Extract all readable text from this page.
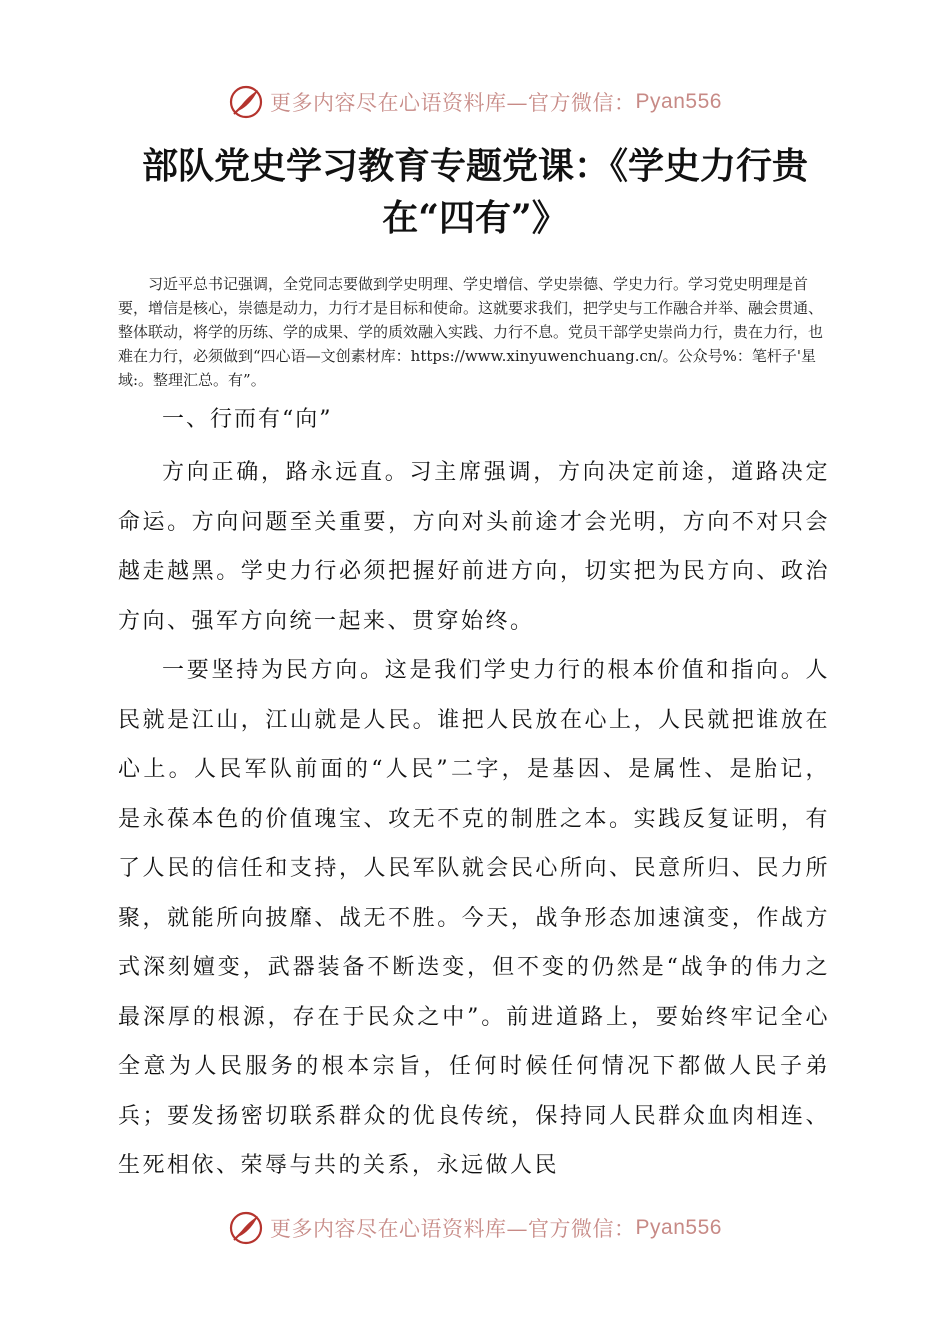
更多内容尽在心语资料库—官方微信： Pyan556
部队党史学习教育专题党课：《学史力行贵在“四有”》

习近平总书记强调，全党同志要做到学史明理、学史增信、学史崇德、学史力行。学习党史明理是首要，增信是核心，崇德是动力，力行才是目标和使命。这就要求我们，把学史与工作融合并举、融会贯通、整体联动，将学的历练、学的成果、学的质效融入实践、力行不息。党员干部学史崇尚力行，贵在力行，也难在力行，必须做到“四心语—文创素材库：https://www.xinyuwenchuang.cn/。公众号%：笔杆子'星域:。整理汇总。有”。

一、行而有“向”

方向正确，路永远直。习主席强调，方向决定前途，道路决定命运。方向问题至关重要，方向对头前途才会光明，方向不对只会越走越黑。学史力行必须把握好前进方向，切实把为民方向、政治方向、强军方向统一起来、贯穿始终。

一要坚持为民方向。这是我们学史力行的根本价值和指向。人民就是江山，江山就是人民。谁把人民放在心上，人民就把谁放在心上。人民军队前面的“人民”二字，是基因、是属性、是胎记，是永葆本色的价值瑰宝、攻无不克的制胜之本。实践反复证明，有了人民的信任和支持，人民军队就会民心所向、民意所归、民力所聚，就能所向披靡、战无不胜。今天，战争形态加速演变，作战方式深刻嬗变，武器装备不断迭变，但不变的仍然是“战争的伟力之最深厚的根源，存在于民众之中”。前进道路上，要始终牢记全心全意为人民服务的根本宗旨，任何时候任何情况下都做人民子弟兵；要发扬密切联系群众的优良传统，保持同人民群众血肉相连、生死相依、荣辱与共的关系，永远做人民

更多内容尽在心语资料库—官方微信： Pyan556
